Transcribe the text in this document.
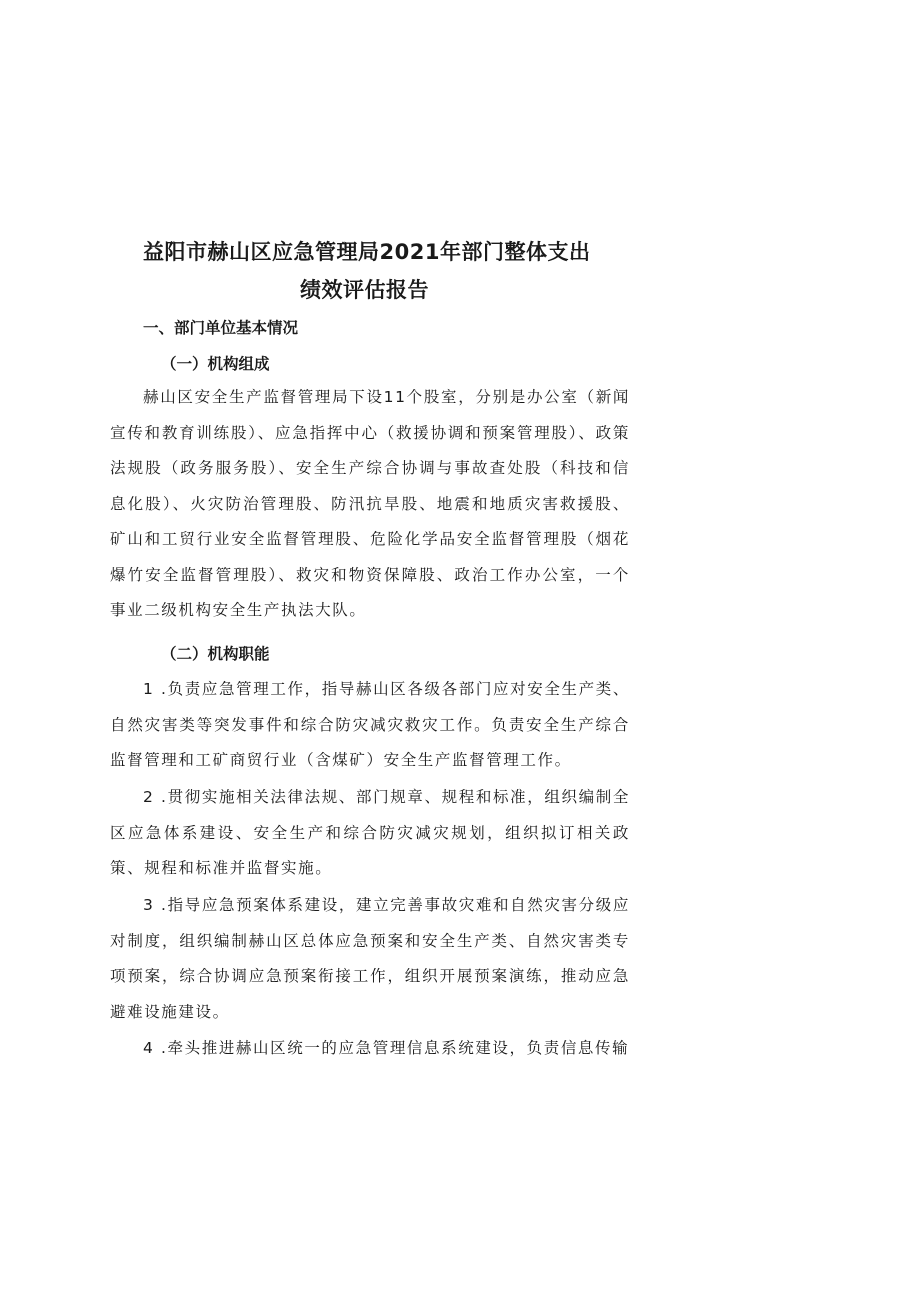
益阳市赫山区应急管理局2021年部门整体支出
绩效评估报告
一、部门单位基本情况
（一）机构组成

赫山区安全生产监督管理局下设11个股室，分别是办公室（新闻宣传和教育训练股）、应急指挥中心（救援协调和预案管理股）、政策法规股（政务服务股）、安全生产综合协调与事故查处股（科技和信息化股）、火灾防治管理股、防汛抗旱股、地震和地质灾害救援股、矿山和工贸行业安全监督管理股、危险化学品安全监督管理股（烟花爆竹安全监督管理股）、救灾和物资保障股、政治工作办公室，一个事业二级机构安全生产执法大队。

（二）机构职能

1 .负责应急管理工作，指导赫山区各级各部门应对安全生产类、自然灾害类等突发事件和综合防灾减灾救灾工作。负责安全生产综合监督管理和工矿商贸行业（含煤矿）安全生产监督管理工作。

2 .贯彻实施相关法律法规、部门规章、规程和标准，组织编制全区应急体系建设、安全生产和综合防灾减灾规划，组织拟订相关政策、规程和标准并监督实施。

3 .指导应急预案体系建设，建立完善事故灾难和自然灾害分级应对制度，组织编制赫山区总体应急预案和安全生产类、自然灾害类专项预案，综合协调应急预案衔接工作，组织开展预案演练，推动应急避难设施建设。

4 .牵头推进赫山区统一的应急管理信息系统建设，负责信息传输
